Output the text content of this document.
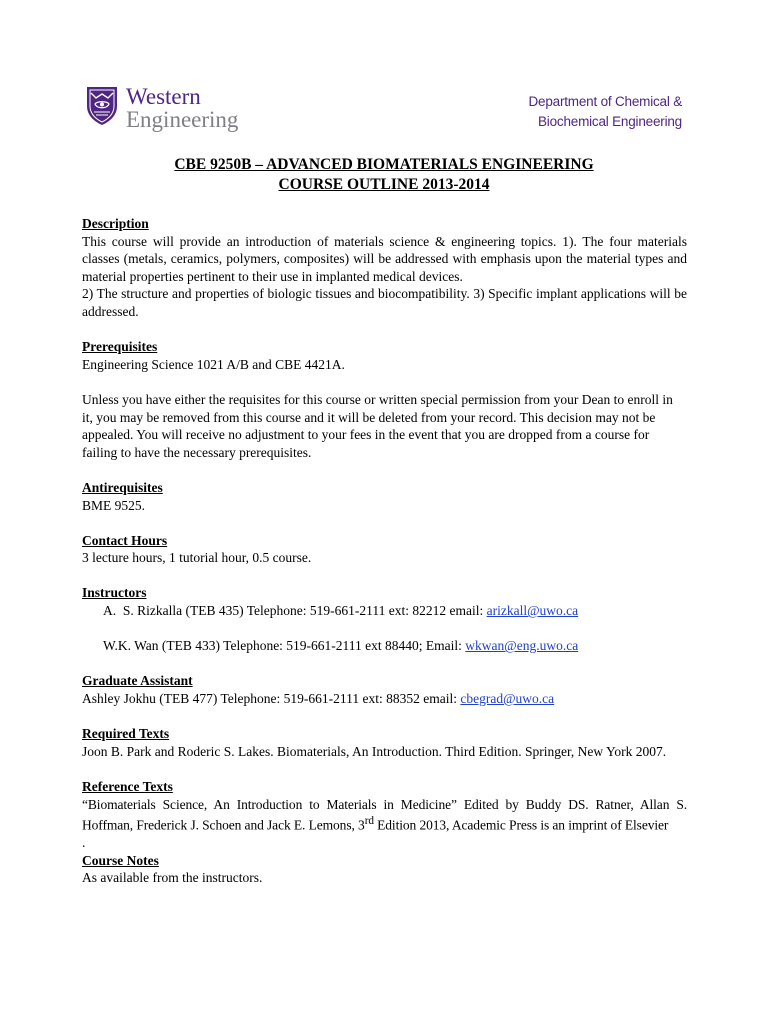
Western
Engineering
Department of Chemical &
Biochemical Engineering
CBE 9250B – ADVANCED BIOMATERIALS ENGINEERING
COURSE OUTLINE 2013-2014
Description

This course will provide an introduction of materials science & engineering topics. 1). The four materials classes (metals, ceramics, polymers, composites) will be addressed with emphasis upon the material types and material properties pertinent to their use in implanted medical devices.

2) The structure and properties of biologic tissues and biocompatibility. 3) Specific implant applications will be addressed.

Prerequisites

Engineering Science 1021 A/B and CBE 4421A.

Unless you have either the requisites for this course or written special permission from your Dean to enroll in it, you may be removed from this course and it will be deleted from your record. This decision may not be appealed. You will receive no adjustment to your fees in the event that you are dropped from a course for failing to have the necessary prerequisites.

Antirequisites

BME 9525.

Contact Hours

3 lecture hours, 1 tutorial hour, 0.5 course.

Instructors

A. S. Rizkalla (TEB 435) Telephone: 519-661-2111 ext: 82212 email: arizkall@uwo.ca

W.K. Wan (TEB 433) Telephone: 519-661-2111 ext 88440; Email: wkwan@eng.uwo.ca

Graduate Assistant

Ashley Jokhu (TEB 477) Telephone: 519-661-2111 ext: 88352 email: cbegrad@uwo.ca

Required Texts

Joon B. Park and Roderic S. Lakes. Biomaterials, An Introduction. Third Edition. Springer, New York 2007.

Reference Texts

“Biomaterials Science, An Introduction to Materials in Medicine” Edited by Buddy DS. Ratner, Allan S. Hoffman, Frederick J. Schoen and Jack E. Lemons, 3rd Edition 2013, Academic Press is an imprint of Elsevier

.

Course Notes

As available from the instructors.
